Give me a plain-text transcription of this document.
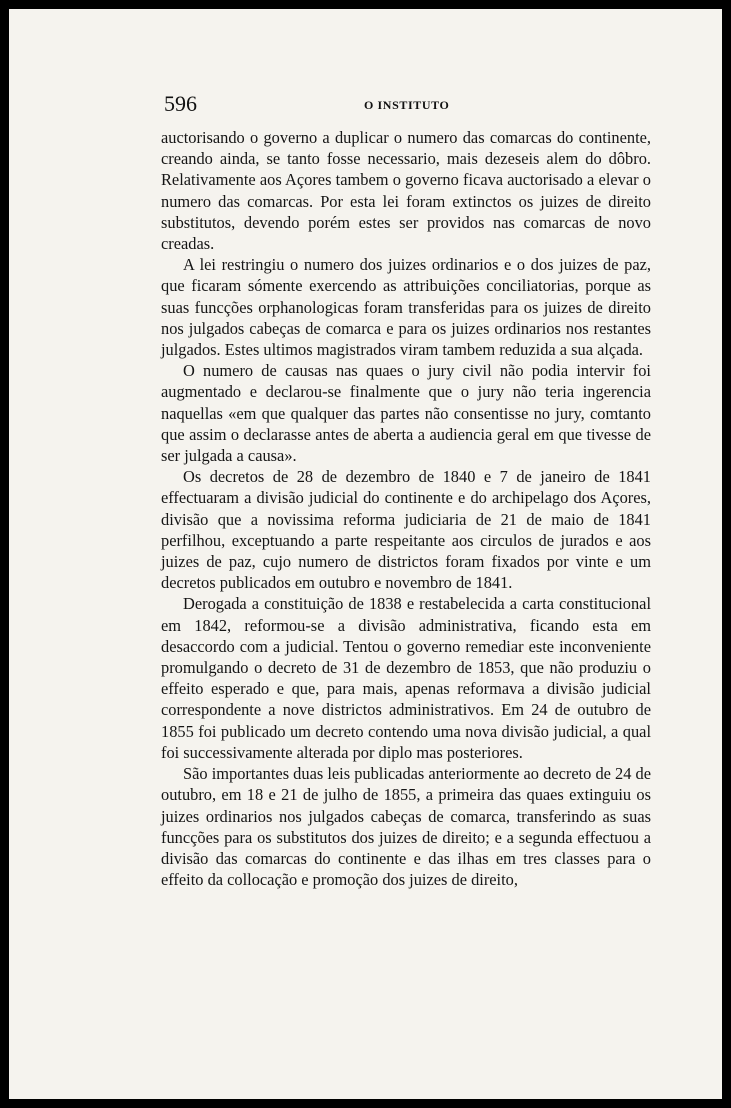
596	O INSTITUTO

auctorisando o governo a duplicar o numero das comarcas do continente, creando ainda, se tanto fosse necessario, mais dezeseis alem do dôbro. Relativamente aos Açores tambem o governo ficava auctorisado a elevar o numero das comarcas. Por esta lei foram extinctos os juizes de direito substitutos, devendo porém estes ser providos nas comarcas de novo creadas.

A lei restringiu o numero dos juizes ordinarios e o dos juizes de paz, que ficaram sómente exercendo as attribuições conciliatorias, porque as suas funcções orphanologicas foram transferidas para os juizes de direito nos julgados cabeças de comarca e para os juizes ordinarios nos restantes julgados. Estes ultimos magistrados viram tambem reduzida a sua alçada.

O numero de causas nas quaes o jury civil não podia intervir foi augmentado e declarou-se finalmente que o jury não teria ingerencia naquellas «em que qualquer das partes não consentisse no jury, comtanto que assim o declarasse antes de aberta a audiencia geral em que tivesse de ser julgada a causa».

Os decretos de 28 de dezembro de 1840 e 7 de janeiro de 1841 effectuaram a divisão judicial do continente e do archipelago dos Açores, divisão que a novissima reforma judiciaria de 21 de maio de 1841 perfilhou, exceptuando a parte respeitante aos circulos de jurados e aos juizes de paz, cujo numero de districtos foram fixados por vinte e um decretos publicados em outubro e novembro de 1841.

Derogada a constituição de 1838 e restabelecida a carta constitucional em 1842, reformou-se a divisão administrativa, ficando esta em desaccordo com a judicial. Tentou o governo remediar este inconveniente promulgando o decreto de 31 de dezembro de 1853, que não produziu o effeito esperado e que, para mais, apenas reformava a divisão judicial correspondente a nove districtos administrativos. Em 24 de outubro de 1855 foi publicado um decreto contendo uma nova divisão judicial, a qual foi successivamente alterada por diplo mas posteriores.

São importantes duas leis publicadas anteriormente ao decreto de 24 de outubro, em 18 e 21 de julho de 1855, a primeira das quaes extinguiu os juizes ordinarios nos julgados cabeças de comarca, transferindo as suas funcções para os substitutos dos juizes de direito; e a segunda effectuou a divisão das comarcas do continente e das ilhas em tres classes para o effeito da collocação e promoção dos juizes de direito,
